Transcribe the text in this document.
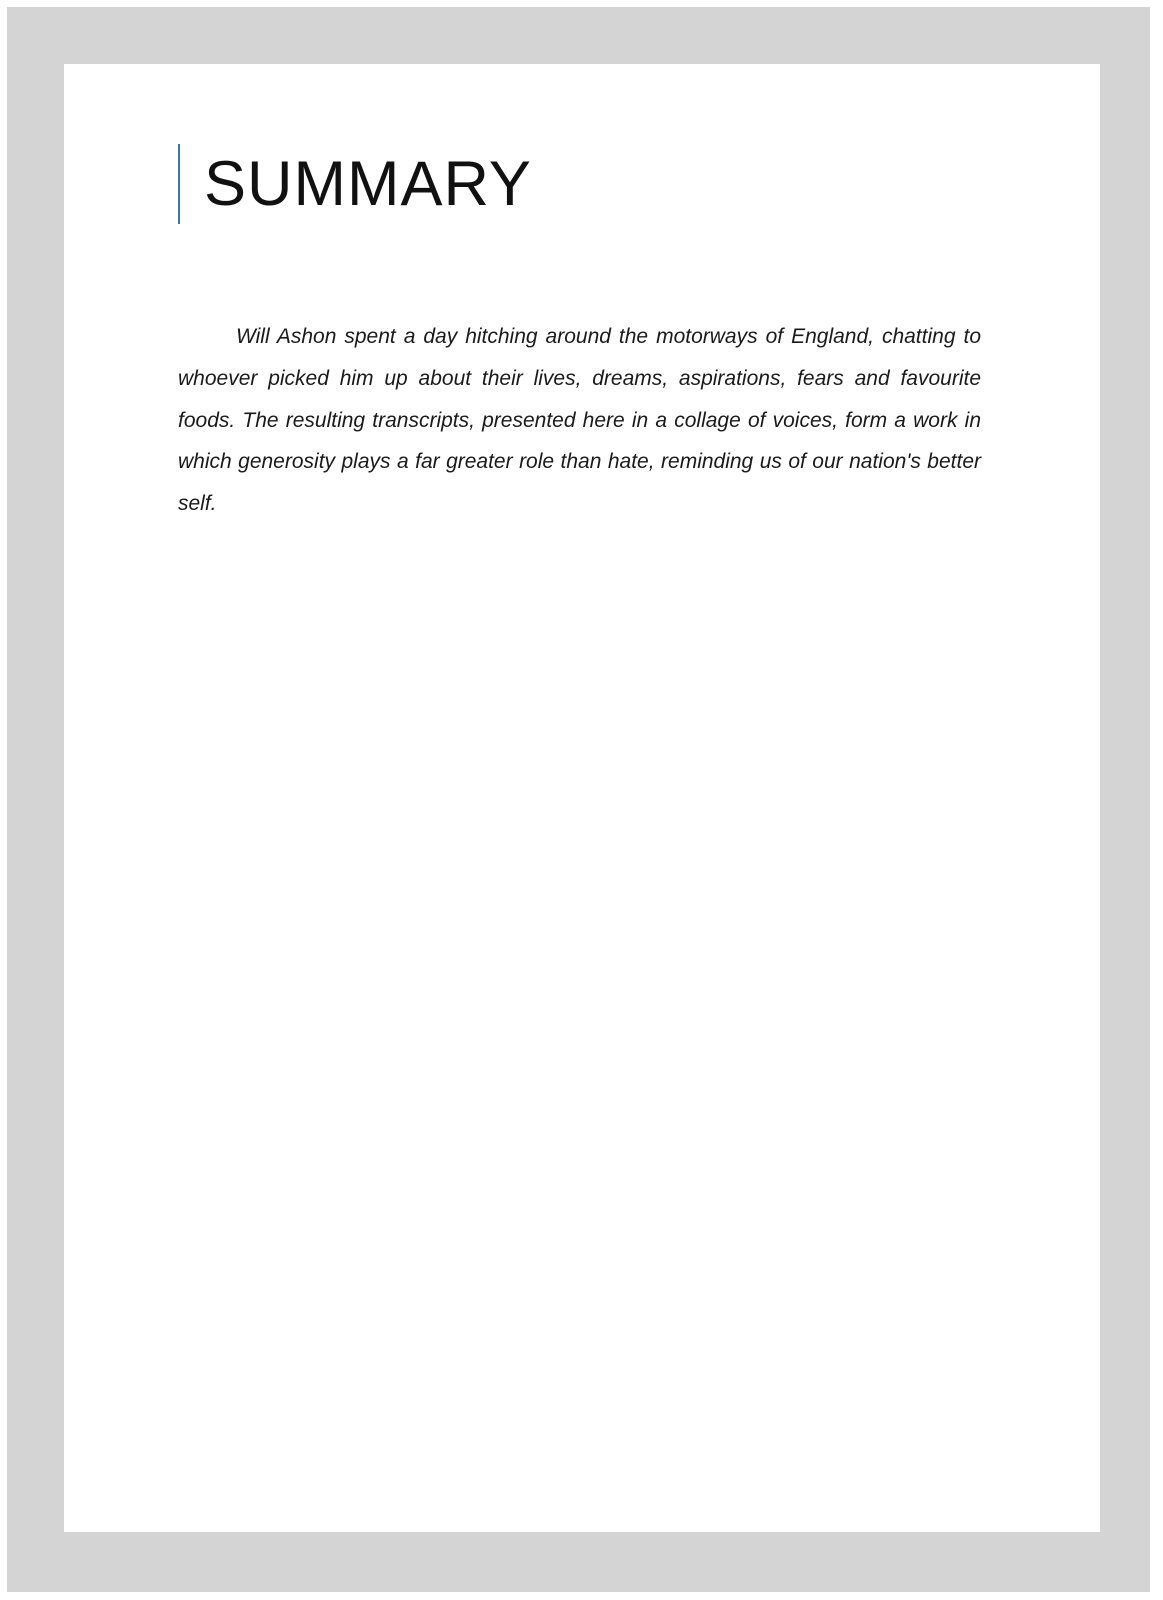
SUMMARY

Will Ashon spent a day hitching around the motorways of England, chatting to whoever picked him up about their lives, dreams, aspirations, fears and favourite foods. The resulting transcripts, presented here in a collage of voices, form a work in which generosity plays a far greater role than hate, reminding us of our nation's better self.
